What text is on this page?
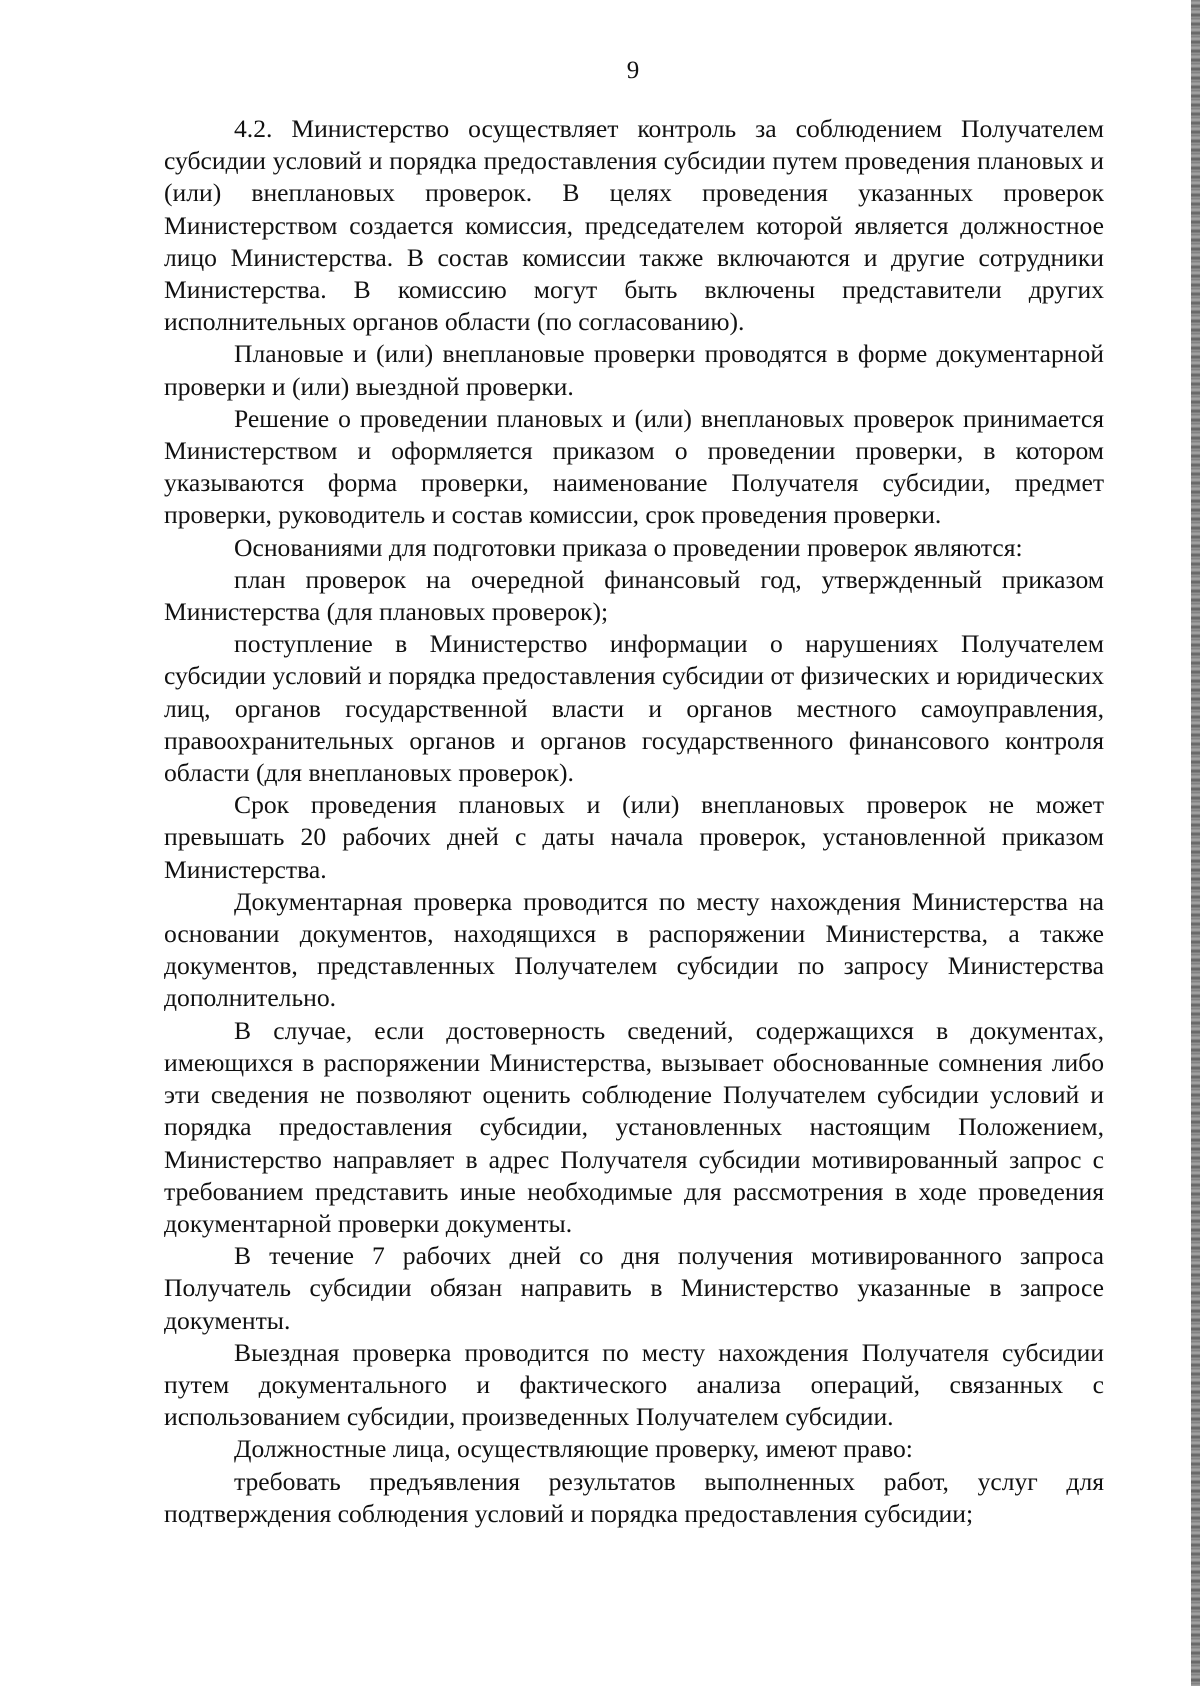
9

4.2. Министерство осуществляет контроль за соблюдением Получателем субсидии условий и порядка предоставления субсидии путем проведения плановых и (или) внеплановых проверок. В целях проведения указанных проверок Министерством создается комиссия, председателем которой является должностное лицо Министерства. В состав комиссии также включаются и другие сотрудники Министерства. В комиссию могут быть включены представители других исполнительных органов области (по согласованию).

Плановые и (или) внеплановые проверки проводятся в форме документарной проверки и (или) выездной проверки.

Решение о проведении плановых и (или) внеплановых проверок принимается Министерством и оформляется приказом о проведении проверки, в котором указываются форма проверки, наименование Получателя субсидии, предмет проверки, руководитель и состав комиссии, срок проведения проверки.

Основаниями для подготовки приказа о проведении проверок являются:

план проверок на очередной финансовый год, утвержденный приказом Министерства (для плановых проверок);

поступление в Министерство информации о нарушениях Получателем субсидии условий и порядка предоставления субсидии от физических и юридических лиц, органов государственной власти и органов местного самоуправления, правоохранительных органов и органов государственного финансового контроля области (для внеплановых проверок).

Срок проведения плановых и (или) внеплановых проверок не может превышать 20 рабочих дней с даты начала проверок, установленной приказом Министерства.

Документарная проверка проводится по месту нахождения Министерства на основании документов, находящихся в распоряжении Министерства, а также документов, представленных Получателем субсидии по запросу Министерства дополнительно.

В случае, если достоверность сведений, содержащихся в документах, имеющихся в распоряжении Министерства, вызывает обоснованные сомнения либо эти сведения не позволяют оценить соблюдение Получателем субсидии условий и порядка предоставления субсидии, установленных настоящим Положением, Министерство направляет в адрес Получателя субсидии мотивированный запрос с требованием представить иные необходимые для рассмотрения в ходе проведения документарной проверки документы.

В течение 7 рабочих дней со дня получения мотивированного запроса Получатель субсидии обязан направить в Министерство указанные в запросе документы.

Выездная проверка проводится по месту нахождения Получателя субсидии путем документального и фактического анализа операций, связанных с использованием субсидии, произведенных Получателем субсидии.

Должностные лица, осуществляющие проверку, имеют право:

требовать предъявления результатов выполненных работ, услуг для подтверждения соблюдения условий и порядка предоставления субсидии;
